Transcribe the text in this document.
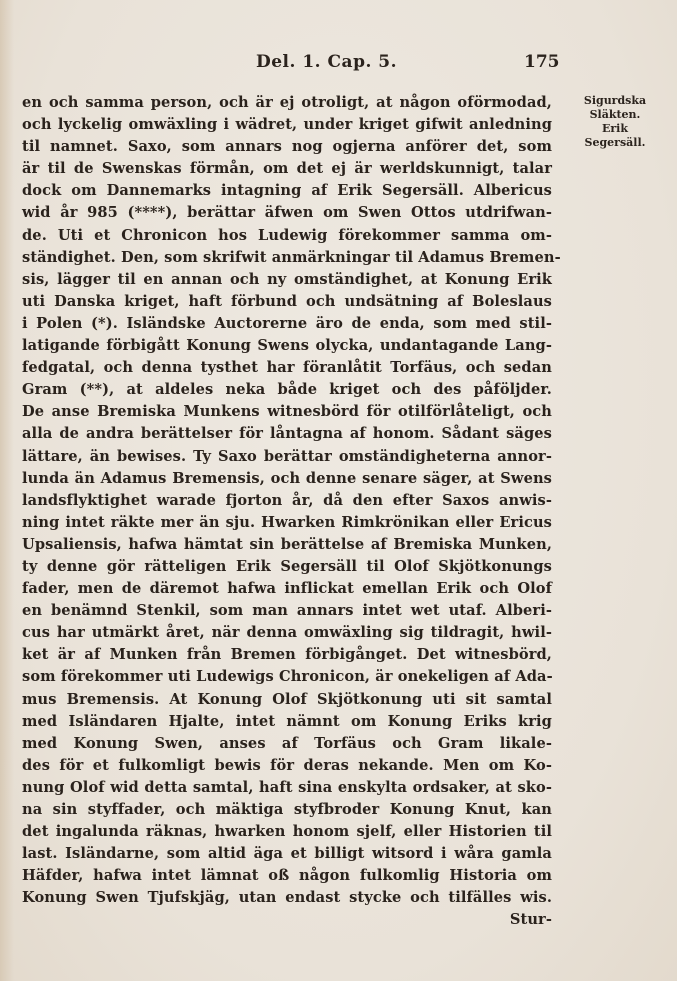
Del. 1. Cap. 5.	175
en och samma person, och är ej otroligt, at någon oförmodad,
och lyckelig omwäxling i wädret, under kriget gifwit anledning
til namnet. Saxo, som annars nog ogjerna anförer det, som
är til de Swenskas förmån, om det ej är werldskunnigt, talar
dock om Dannemarks intagning af Erik Segersäll. Albericus
wid år 985 (****), berättar äfwen om Swen Ottos utdrifwan-
de. Uti et Chronicon hos Ludewig förekommer samma om-
ständighet. Den, som skrifwit anmärkningar til Adamus Bremen-
sis, lägger til en annan och ny omständighet, at Konung Erik
uti Danska kriget, haft förbund och undsätning af Boleslaus
i Polen (*). Isländske Auctorerne äro de enda, som med stil-
latigande förbigått Konung Swens olycka, undantagande Lang-
fedgatal, och denna tysthet har föranlåtit Torfäus, och sedan
Gram (**), at aldeles neka både kriget och des påföljder.
De anse Bremiska Munkens witnesbörd för otilförlåteligt, och
alla de andra berättelser för låntagna af honom. Sådant säges
lättare, än bewises. Ty Saxo berättar omständigheterna annor-
lunda än Adamus Bremensis, och denne senare säger, at Swens
landsflyktighet warade fjorton år, då den efter Saxos anwis-
ning intet räkte mer än sju. Hwarken Rimkrönikan eller Ericus
Upsaliensis, hafwa hämtat sin berättelse af Bremiska Munken,
ty denne gör rätteligen Erik Segersäll til Olof Skjötkonungs
fader, men de däremot hafwa inflickat emellan Erik och Olof
en benämnd Stenkil, som man annars intet wet utaf. Alberi-
cus har utmärkt året, när denna omwäxling sig tildragit, hwil-
ket är af Munken från Bremen förbigånget. Det witnesbörd,
som förekommer uti Ludewigs Chronicon, är onekeligen af Ada-
mus Bremensis. At Konung Olof Skjötkonung uti sit samtal
med Isländaren Hjalte, intet nämnt om Konung Eriks krig
med Konung Swen, anses af Torfäus och Gram likale-
des för et fulkomligt bewis för deras nekande. Men om Ko-
nung Olof wid detta samtal, haft sina enskylta ordsaker, at sko-
na sin styffader, och mäktiga styfbroder Konung Knut, kan
det ingalunda räknas, hwarken honom sjelf, eller Historien til
last. Isländarne, som altid äga et billigt witsord i wåra gamla
Häfder, hafwa intet lämnat oß någon fulkomlig Historia om
Konung Swen Tjufskjäg, utan endast stycke och tilfälles wis.
Stur-
Sigurdska
Släkten.
Erik
Segersäll.
